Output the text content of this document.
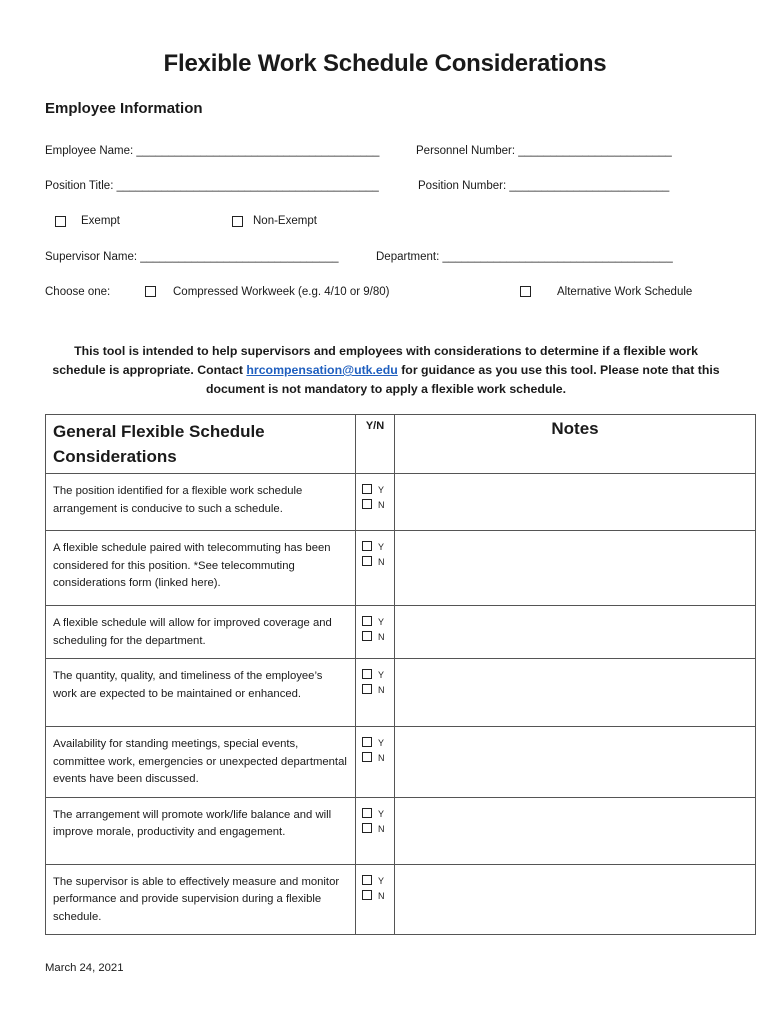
Flexible Work Schedule Considerations
Employee Information
Employee Name: ______________________________________	Personnel Number: ________________________
Position Title: _________________________________________	Position Number: _________________________
Exempt	Non-Exempt
Supervisor Name: _______________________________	Department: ____________________________________
Choose one:	Compressed Workweek (e.g. 4/10 or 9/80)	Alternative Work Schedule
This tool is intended to help supervisors and employees with considerations to determine if a flexible work schedule is appropriate. Contact hrcompensation@utk.edu for guidance as you use this tool. Please note that this document is not mandatory to apply a flexible work schedule.
General Flexible Schedule Considerations	Y/N	Notes
The position identified for a flexible work schedule arrangement is conducive to such a schedule.	Y
N	

A flexible schedule paired with telecommuting has been considered for this position. *See telecommuting considerations form (linked here).	Y
N	

A flexible schedule will allow for improved coverage and scheduling for the department.	Y
N	

The quantity, quality, and timeliness of the employee’s work are expected to be maintained or enhanced.	Y
N	

Availability for standing meetings, special events, committee work, emergencies or unexpected departmental events have been discussed.	Y
N	

The arrangement will promote work/life balance and will improve morale, productivity and engagement.	Y
N	

The supervisor is able to effectively measure and monitor performance and provide supervision during a flexible schedule.	Y
N	

March 24, 2021
